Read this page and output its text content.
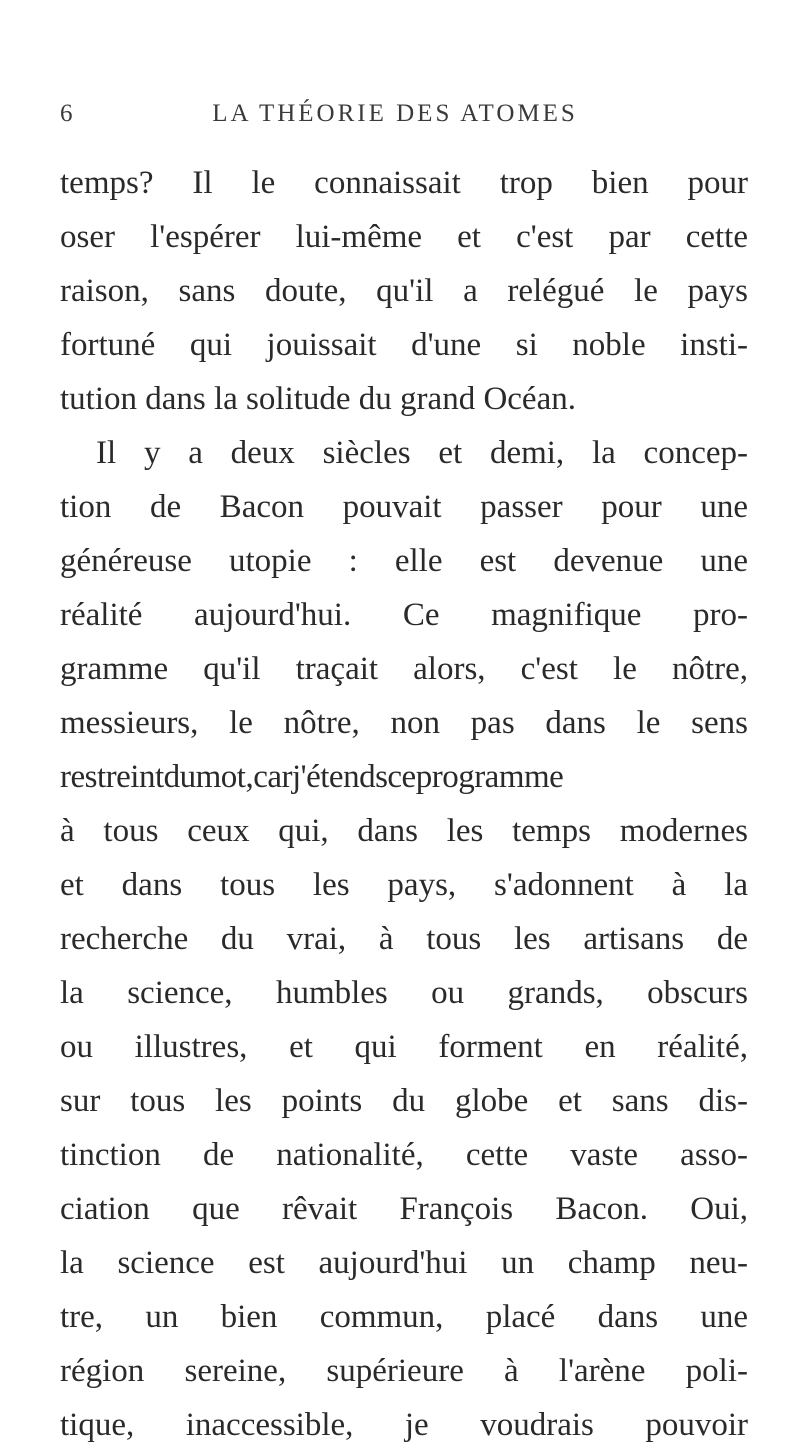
6	LA THÉORIE DES ATOMES
temps? Il le connaissait trop bien pour
oser l'espérer lui-même et c'est par cette
raison, sans doute, qu'il a relégué le pays
fortuné qui jouissait d'une si noble insti-
tution dans la solitude du grand Océan.
Il y a deux siècles et demi, la concep-
tion de Bacon pouvait passer pour une
généreuse utopie : elle est devenue une
réalité aujourd'hui. Ce magnifique pro-
gramme qu'il traçait alors, c'est le nôtre,
messieurs, le nôtre, non pas dans le sens
restreintdumot,carj'étendsceprogramme
à tous ceux qui, dans les temps modernes
et dans tous les pays, s'adonnent à la
recherche du vrai, à tous les artisans de
la science, humbles ou grands, obscurs
ou illustres, et qui forment en réalité,
sur tous les points du globe et sans dis-
tinction de nationalité, cette vaste asso-
ciation que rêvait François Bacon. Oui,
la science est aujourd'hui un champ neu-
tre, un bien commun, placé dans une
région sereine, supérieure à l'arène poli-
tique, inaccessible, je voudrais pouvoir
